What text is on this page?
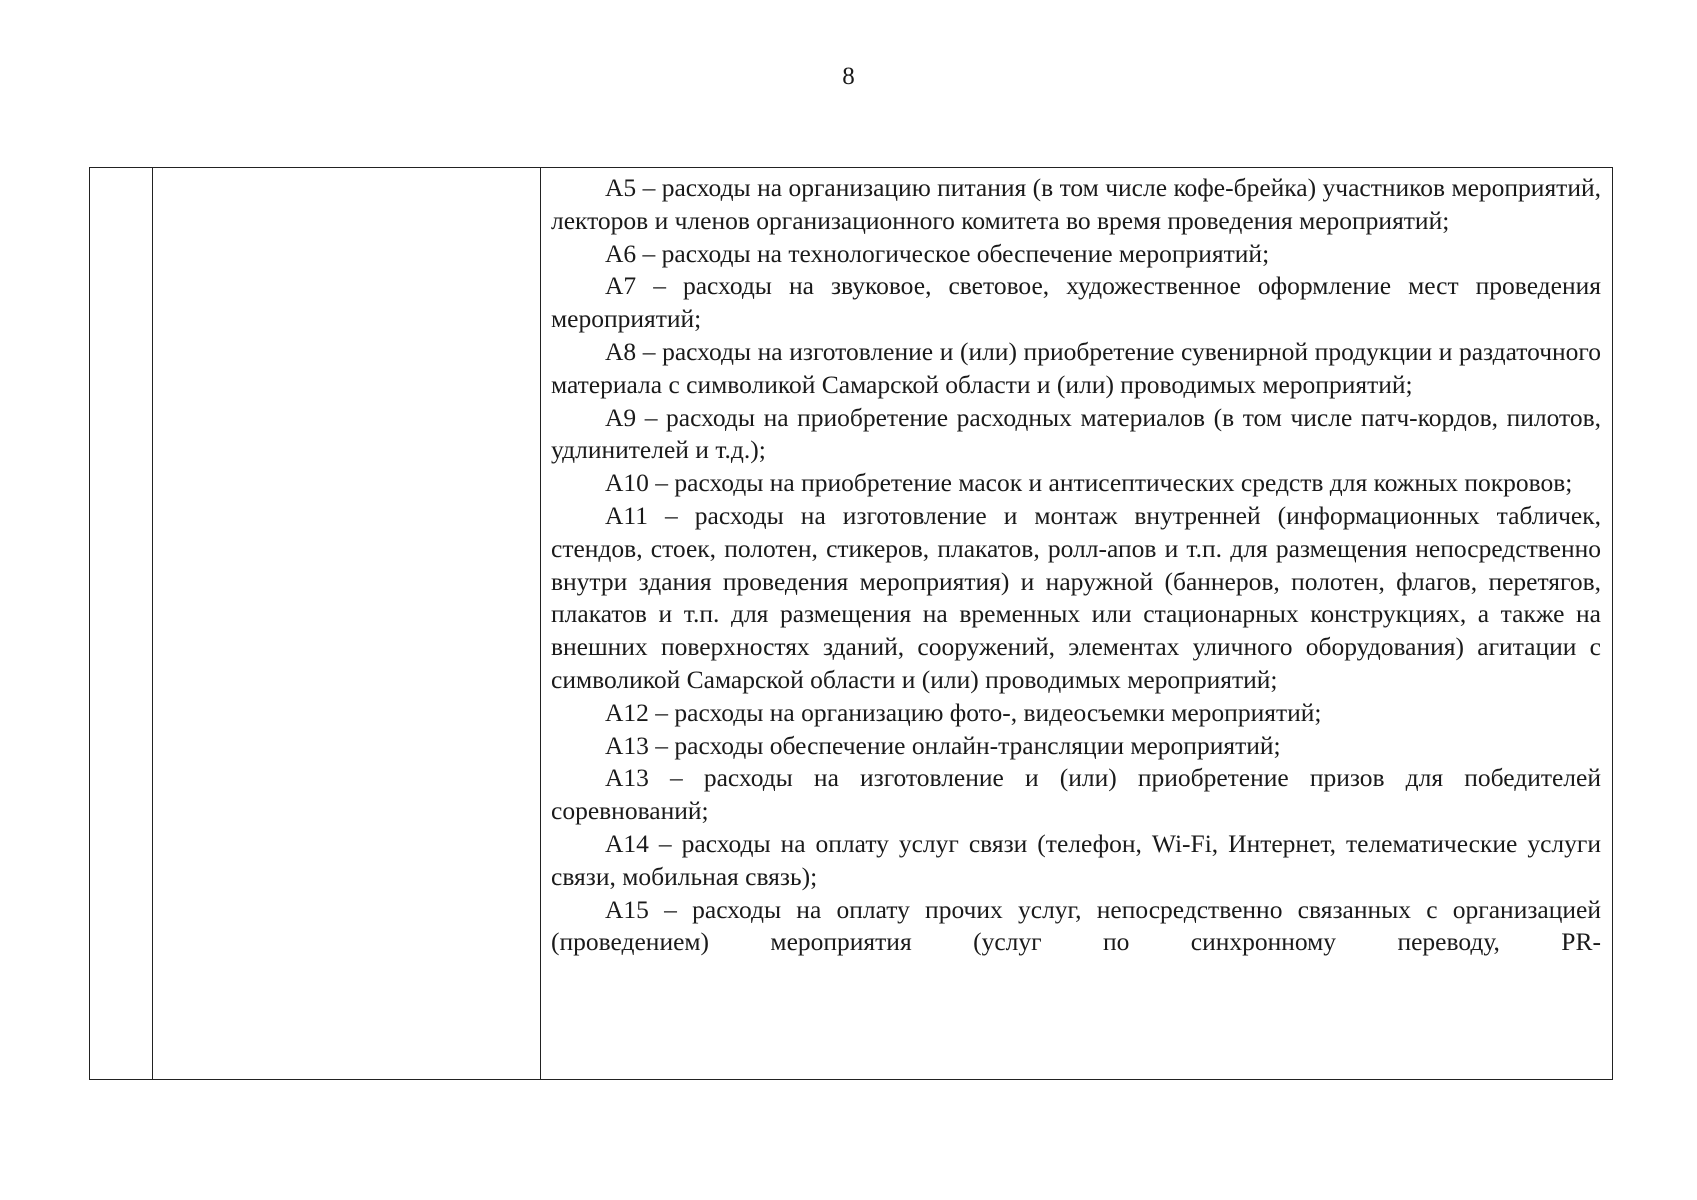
8

А5 – расходы на организацию питания (в том числе кофе-брейка) участников мероприятий, лекторов и членов организационного комитета во время проведения мероприятий;

А6 – расходы на технологическое обеспечение мероприятий;

А7 – расходы на звуковое, световое, художественное оформление мест проведения мероприятий;

А8 – расходы на изготовление и (или) приобретение сувенирной продукции и раздаточного материала с символикой Самарской области и (или) проводимых мероприятий;

А9 – расходы на приобретение расходных материалов (в том числе патч-кордов, пилотов, удлинителей и т.д.);

А10 – расходы на приобретение масок и антисептических средств для кожных покровов;

А11 – расходы на изготовление и монтаж внутренней (информационных табличек, стендов, стоек, полотен, стикеров, плакатов, ролл-апов и т.п. для размещения непосредственно внутри здания проведения мероприятия) и наружной (баннеров, полотен, флагов, перетягов, плакатов и т.п. для размещения на временных или стационарных конструкциях, а также на внешних поверхностях зданий, сооружений, элементах уличного оборудования) агитации с символикой Самарской области и (или) проводимых мероприятий;

А12 – расходы на организацию фото-, видеосъемки мероприятий;

А13 – расходы обеспечение онлайн-трансляции мероприятий;

А13 – расходы на изготовление и (или) приобретение призов для победителей соревнований;

А14 – расходы на оплату услуг связи (телефон, Wi-Fi, Интернет, телематические услуги связи, мобильная связь);

А15 – расходы на оплату прочих услуг, непосредственно связанных с организацией (проведением) мероприятия (услуг по синхронному переводу, PR-
